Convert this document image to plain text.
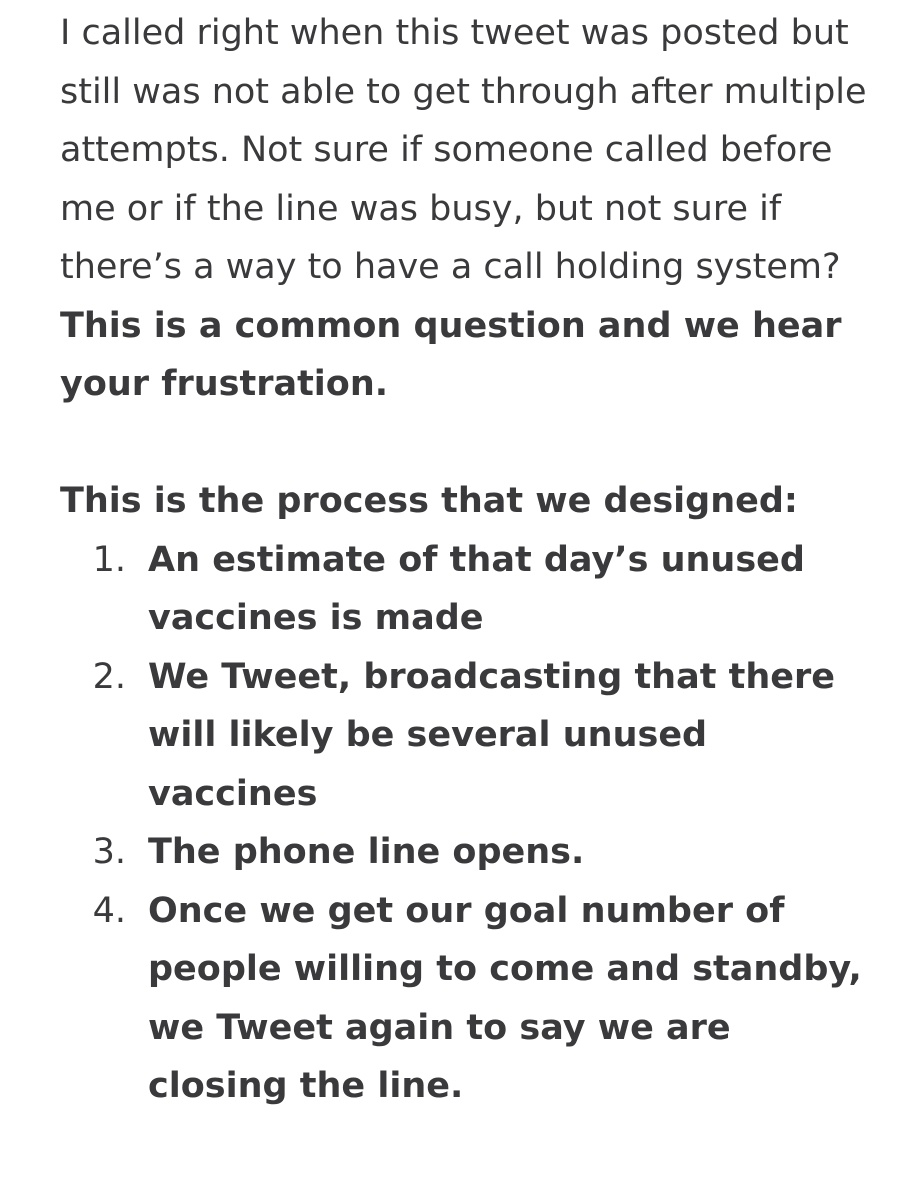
I called right when this tweet was posted but still was not able to get through after multiple attempts. Not sure if someone called before me or if the line was busy, but not sure if there’s a way to have a call holding system?

This is a common question and we hear your frustration.

This is the process that we designed:

1. An estimate of that day’s unused vaccines is made
2. We Tweet, broadcasting that there will likely be several unused vaccines
3. The phone line opens.
4. Once we get our goal number of people willing to come and standby, we Tweet again to say we are closing the line.
